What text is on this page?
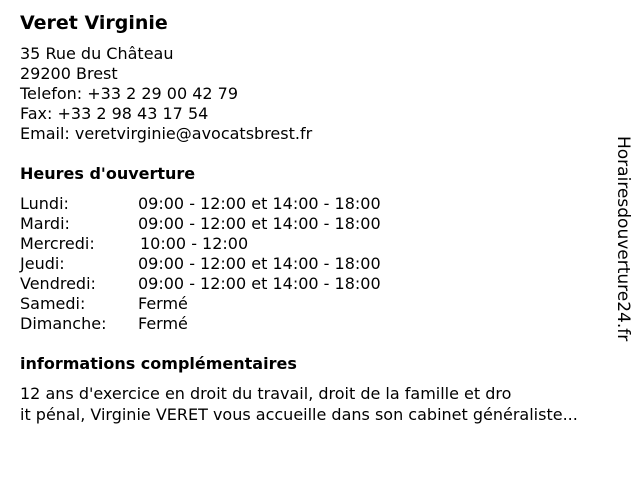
Veret Virginie
35 Rue du Château
29200 Brest
Telefon: +33 2 29 00 42 79
Fax: +33 2 98 43 17 54
Email: veretvirginie@avocatsbrest.fr
Heures d'ouverture
Lundi:	09:00 - 12:00 et 14:00 - 18:00
Mardi:	09:00 - 12:00 et 14:00 - 18:00
Mercredi:	10:00 - 12:00
Jeudi:	09:00 - 12:00 et 14:00 - 18:00
Vendredi:	09:00 - 12:00 et 14:00 - 18:00
Samedi:	Fermé
Dimanche: Fermé
informations complémentaires
12 ans d'exercice en droit du travail, droit de la famille et dro
it pénal, Virginie VERET vous accueille dans son cabinet généraliste...
Horairesdouverture24.fr
